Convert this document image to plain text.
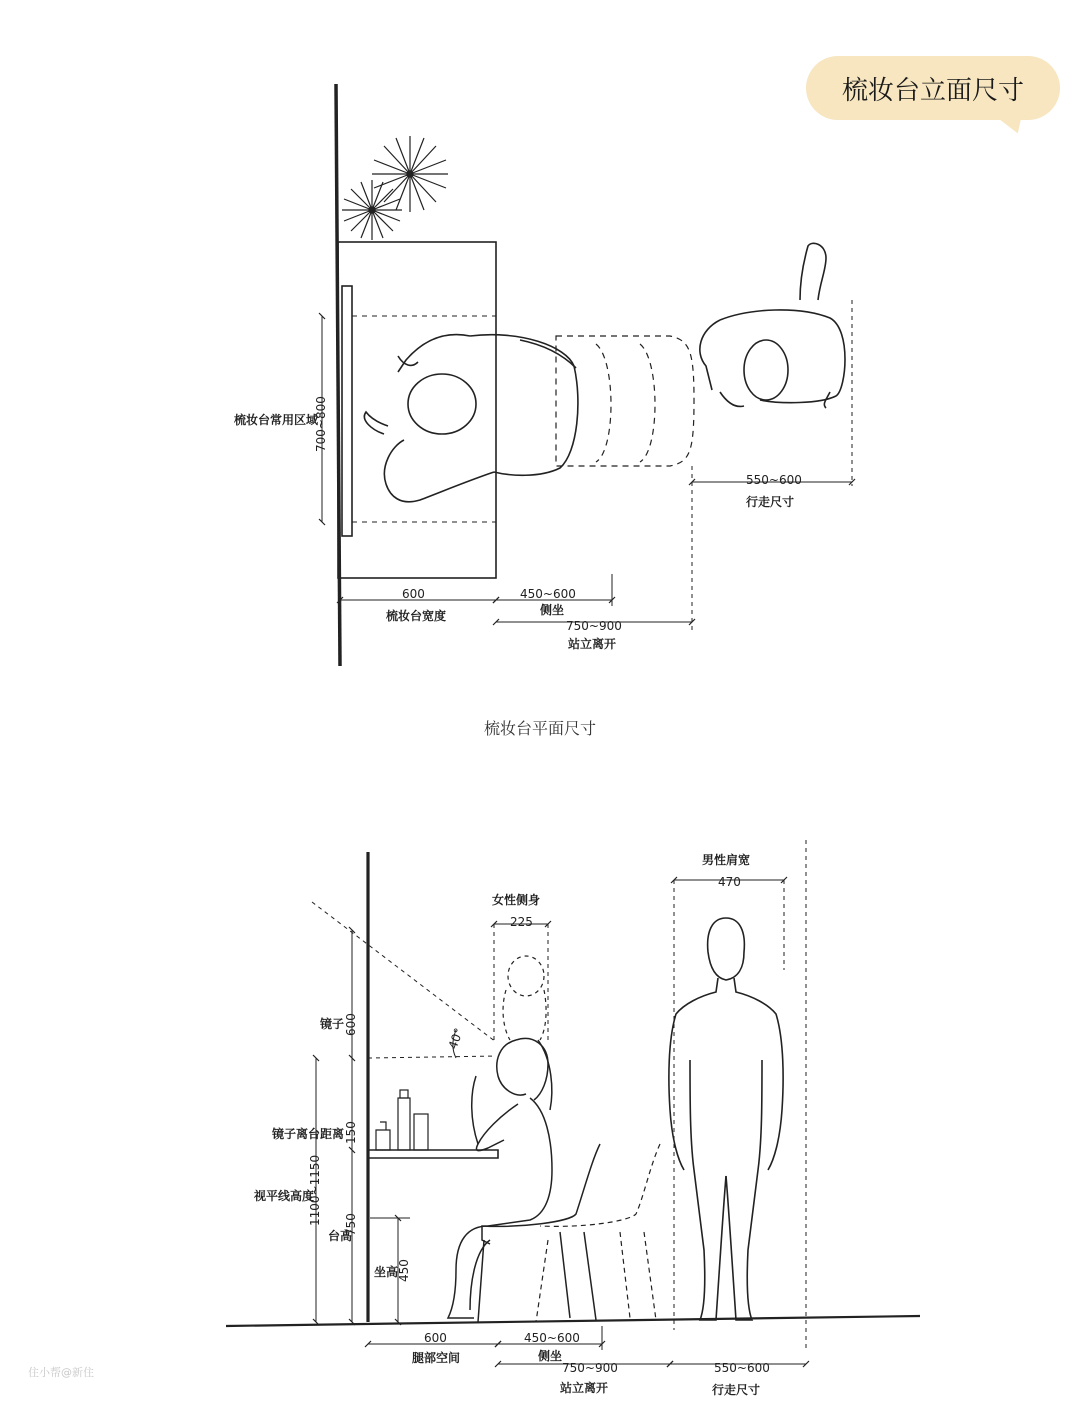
梳妆台常用区域
700~800
600
梳妆台宽度
450~600
侧坐
750~900
站立离开
550~600
行走尺寸
镜子 600
镜子离台距离 150
视平线高度
1100~1150
台高
750
坐高
450
40°
女性侧身
225
男性肩宽
470
600
腿部空间
450~600
侧坐
750~900
站立离开
550~600
行走尺寸
梳妆台立面尺寸
梳妆台平面尺寸
住小帮@新住
